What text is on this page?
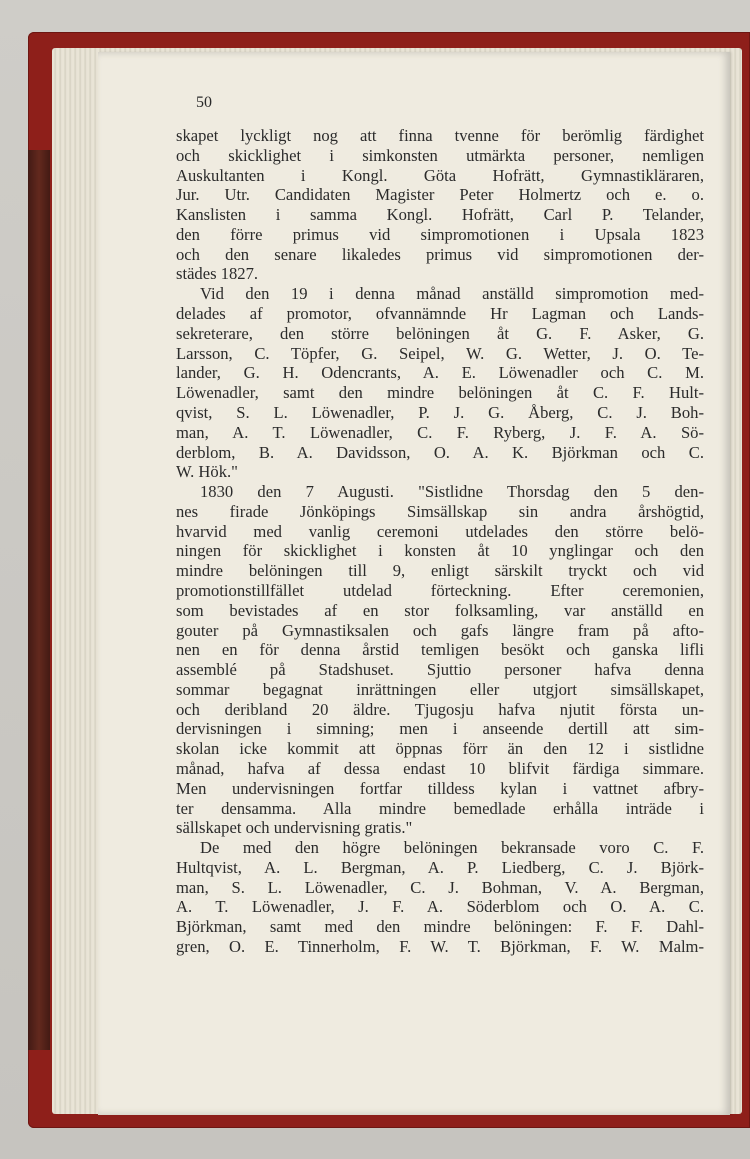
50
skapet lyckligt nog att finna tvenne för berömlig färdighet
och skicklighet i simkonsten utmärkta personer, nemligen
Auskultanten i Kongl. Göta Hofrätt, Gymnastikläraren,
Jur. Utr. Candidaten Magister Peter Holmertz och e. o.
Kanslisten i samma Kongl. Hofrätt, Carl P. Telander,
den förre primus vid simpromotionen i Upsala 1823
och den senare likaledes primus vid simpromotionen der-
städes 1827.
Vid den 19 i denna månad anställd simpromotion med-
delades af promotor, ofvannämnde Hr Lagman och Lands-
sekreterare, den större belöningen åt G. F. Asker, G.
Larsson, C. Töpfer, G. Seipel, W. G. Wetter, J. O. Te-
lander, G. H. Odencrants, A. E. Löwenadler och C. M.
Löwenadler, samt den mindre belöningen åt C. F. Hult-
qvist, S. L. Löwenadler, P. J. G. Åberg, C. J. Boh-
man, A. T. Löwenadler, C. F. Ryberg, J. F. A. Sö-
derblom, B. A. Davidsson, O. A. K. Björkman och C.
W. Hök."
1830 den 7 Augusti. "Sistlidne Thorsdag den 5 den-
nes firade Jönköpings Simsällskap sin andra årshögtid,
hvarvid med vanlig ceremoni utdelades den större belö-
ningen för skicklighet i konsten åt 10 ynglingar och den
mindre belöningen till 9, enligt särskilt tryckt och vid
promotionstillfället utdelad förteckning. Efter ceremonien,
som bevistades af en stor folksamling, var anställd en
gouter på Gymnastiksalen och gafs längre fram på afto-
nen en för denna årstid temligen besökt och ganska lifli
assemblé på Stadshuset. Sjuttio personer hafva denna
sommar begagnat inrättningen eller utgjort simsällskapet,
och deribland 20 äldre. Tjugosju hafva njutit första un-
dervisningen i simning; men i anseende dertill att sim-
skolan icke kommit att öppnas förr än den 12 i sistlidne
månad, hafva af dessa endast 10 blifvit färdiga simmare.
Men undervisningen fortfar tilldess kylan i vattnet afbry-
ter densamma. Alla mindre bemedlade erhålla inträde i
sällskapet och undervisning gratis."
De med den högre belöningen bekransade voro C. F.
Hultqvist, A. L. Bergman, A. P. Liedberg, C. J. Björk-
man, S. L. Löwenadler, C. J. Bohman, V. A. Bergman,
A. T. Löwenadler, J. F. A. Söderblom och O. A. C.
Björkman, samt med den mindre belöningen: F. F. Dahl-
gren, O. E. Tinnerholm, F. W. T. Björkman, F. W. Malm-
